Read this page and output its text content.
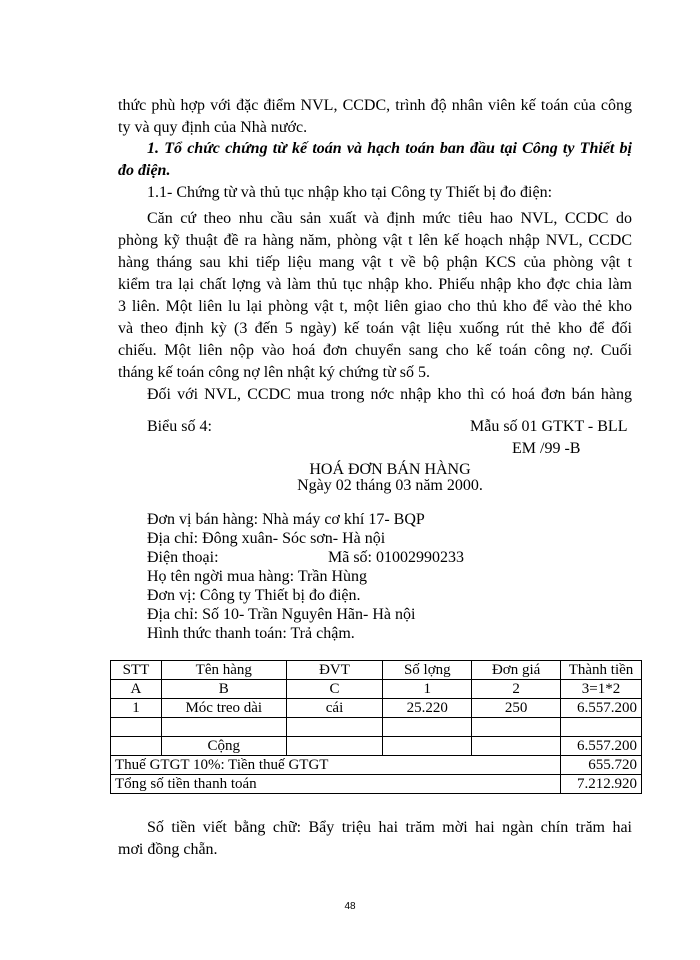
thức phù hợp với đặc điểm NVL, CCDC, trình độ nhân viên kế toán của công
ty và quy định của Nhà nước.
1. Tổ chức chứng từ kế toán và hạch toán ban đầu tại Công ty Thiết bị
đo điện.
1.1- Chứng từ và thủ tục nhập kho tại Công ty Thiết bị đo điện:
Căn cứ theo nhu cầu sản xuất và định mức tiêu hao NVL, CCDC do
phòng kỹ thuật đề ra hàng năm, phòng vật t lên kế hoạch nhập NVL, CCDC
hàng tháng sau khi tiếp liệu mang vật t về bộ phận KCS của phòng vật t
kiểm tra lại chất lợng và làm thủ tục nhập kho. Phiếu nhập kho đợc chia làm
3 liên. Một liên lu lại phòng vật t, một liên giao cho thủ kho để vào thẻ kho
và theo định kỳ (3 đến 5 ngày) kế toán vật liệu xuống rút thẻ kho để đối
chiếu. Một liên nộp vào hoá đơn chuyển sang cho kế toán công nợ. Cuối
tháng kế toán công nợ lên nhật ký chứng từ số 5.
Đối với NVL, CCDC mua trong nớc nhập kho thì có hoá đơn bán hàng
Biểu số 4:	Mẫu số 01 GTKT - BLL
EM /99 -B
HOÁ ĐƠN BÁN HÀNG
Ngày 02 tháng 03 năm 2000.
Đơn vị bán hàng: Nhà máy cơ khí 17- BQP
Địa chỉ: Đông xuân- Sóc sơn- Hà nội
Điện thoại:	Mã số: 01002990233
Họ tên ngời mua hàng: Trần Hùng
Đơn vị: Công ty Thiết bị đo điện.
Địa chỉ: Số 10- Trần Nguyên Hãn- Hà nội
Hình thức thanh toán: Trả chậm.
STT	Tên hàng	ĐVT	Số lợng	Đơn giá	Thành tiền
A	B	C	1	2	3=1*2
1	Móc treo dài	cái	25.220	250	6.557.200

	Cộng				6.557.200
Thuế GTGT 10%: Tiền thuế GTGT					655.720
Tổng số tiền thanh toán					7.212.920
Số tiền viết bằng chữ: Bẩy triệu hai trăm mời hai ngàn chín trăm hai
mơi đồng chẵn.
48
